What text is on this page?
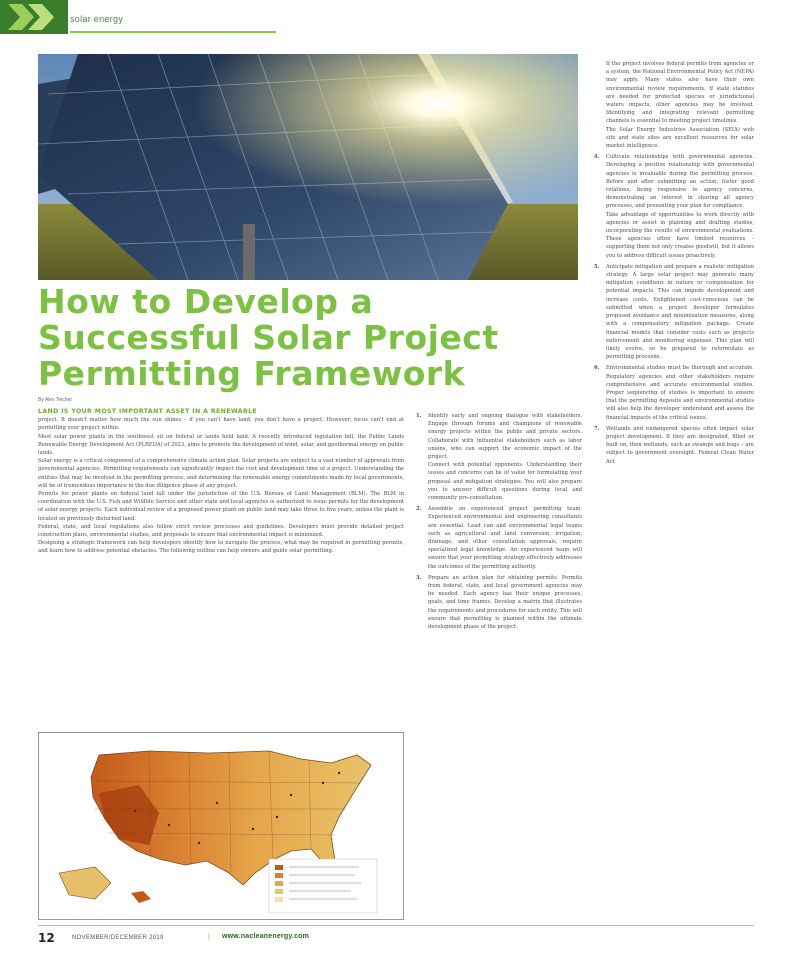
solar energy
How to Develop a
Successful Solar Project
Permitting Framework
By Alex Teicher

LAND IS YOUR MOST IMPORTANT ASSET IN A RENEWABLE

project. It doesn't matter how much the sun shines – if you can't have land, you don't have a project. However, focus can't end at permitting your project within.

Most solar power plants in the southwest sit on federal or lands held land. A recently introduced legislation bill, the Public Lands Renewable Energy Development Act (PLREDA) of 2023, aims to promote the development of wind, solar, and geothermal energy on public lands.

Solar energy is a critical component of a comprehensive climate action plan. Solar projects are subject to a vast number of approvals from governmental agencies. Permitting requirements can significantly impact the cost and development time of a project. Understanding the entities that may be involved in the permitting process, and determining the renewable energy commitments made by local governments, will be of tremendous importance in the due diligence phase of any project.

Permits for power plants on federal land fall under the jurisdiction of the U.S. Bureau of Land Management (BLM). The BLM in coordination with the U.S. Fish and Wildlife Service and other state and local agencies is authorized to issue permits for the development of solar energy projects. Each individual review of a proposed power plant on public land may take three to five years, unless the plant is located on previously disturbed land.

Federal, state, and local regulations also follow strict review processes and guidelines. Developers must provide detailed project construction plans, environmental studies, and proposals to ensure that environmental impact is minimized.

Designing a strategic framework can help developers identify how to navigate the process, what may be required in permitting permits, and learn how to address potential obstacles. The following outline can help owners and guide solar permitting.

1.	Identify early and ongoing dialogue with stakeholders. Engage through forums and champions of renewable energy projects within the public and private sectors. Collaborate with influential stakeholders such as labor unions, who can support the economic impact of the project.

Connect with potential opponents. Understanding their issues and concerns can be of value for formulating your proposal and mitigation strategies. You will also prepare you to answer difficult questions during local and community pre-consultation.

2.	Assemble an experienced project permitting team. Experienced environmental and engineering consultants are essential. Lead can and environmental legal teams such as agricultural and land conversion, irrigation, drainage, and other consultation approvals, require specialized legal knowledge. An experienced team will ensure that your permitting strategy effectively addresses the outcomes of the permitting authority.

3.	Prepare an action plan for obtaining permits. Permits from federal, state, and local government agencies may be needed. Each agency has their unique processes, goals, and time frames. Develop a matrix that illustrates the requirements and procedures for each entity. This will ensure that permitting is planned within the ultimate development phase of the project.

If the project involves federal permits from agencies or a system, the National Environmental Policy Act (NEPA) may apply. Many states also have their own environmental review requirements. If state statutes are needed for protected species or jurisdictional waters impacts, other agencies may be involved. Identifying and integrating relevant permitting channels is essential to meeting project timelines.

The Solar Energy Industries Association (SEIA) web site and state sites are excellent resources for solar market intelligence.

4.	Cultivate relationships with governmental agencies. Developing a positive relationship with governmental agencies is invaluable during the permitting process. Before and after submitting an action, foster good relations, being responsive to agency concerns, demonstrating an interest in sharing all agency processes, and presenting your plan for compliance.

Take advantage of opportunities to work directly with agencies or assist in planning and drafting studies, incorporating the results of environmental evaluations. These agencies often have limited resources – supporting them not only creates goodwill, but it allows you to address difficult issues proactively.

5.	Anticipate mitigation and prepare a realistic mitigation strategy. A large solar project may generate many mitigation conditions in nature or compensation for potential impacts. This can impede development and increase costs. Enlightened cost-conscious can be submitted when a project developer formulates proposed avoidance and minimization measures, along with a compensatory mitigation package. Create financial models that consider costs such as projects enforcement and monitoring expenses. This plan will likely evolve, so be prepared to reformulate as permitting proceeds.

6.	Environmental studies must be thorough and accurate. Regulatory agencies and other stakeholders require comprehensive and accurate environmental studies. Proper sequencing of studies is important to ensure that the permitting deposits and environmental studies will also help the developer understand and assess the financial impacts of the critical issues.

7.	Wetlands and endangered species often impact solar project development. If they are designated, filled or built on, then wetlands, such as swamps and bogs – are subject to government oversight. Federal Clean Water Act

12	NOVEMBER/DECEMBER 2019	| www.nacleanenergy.com
